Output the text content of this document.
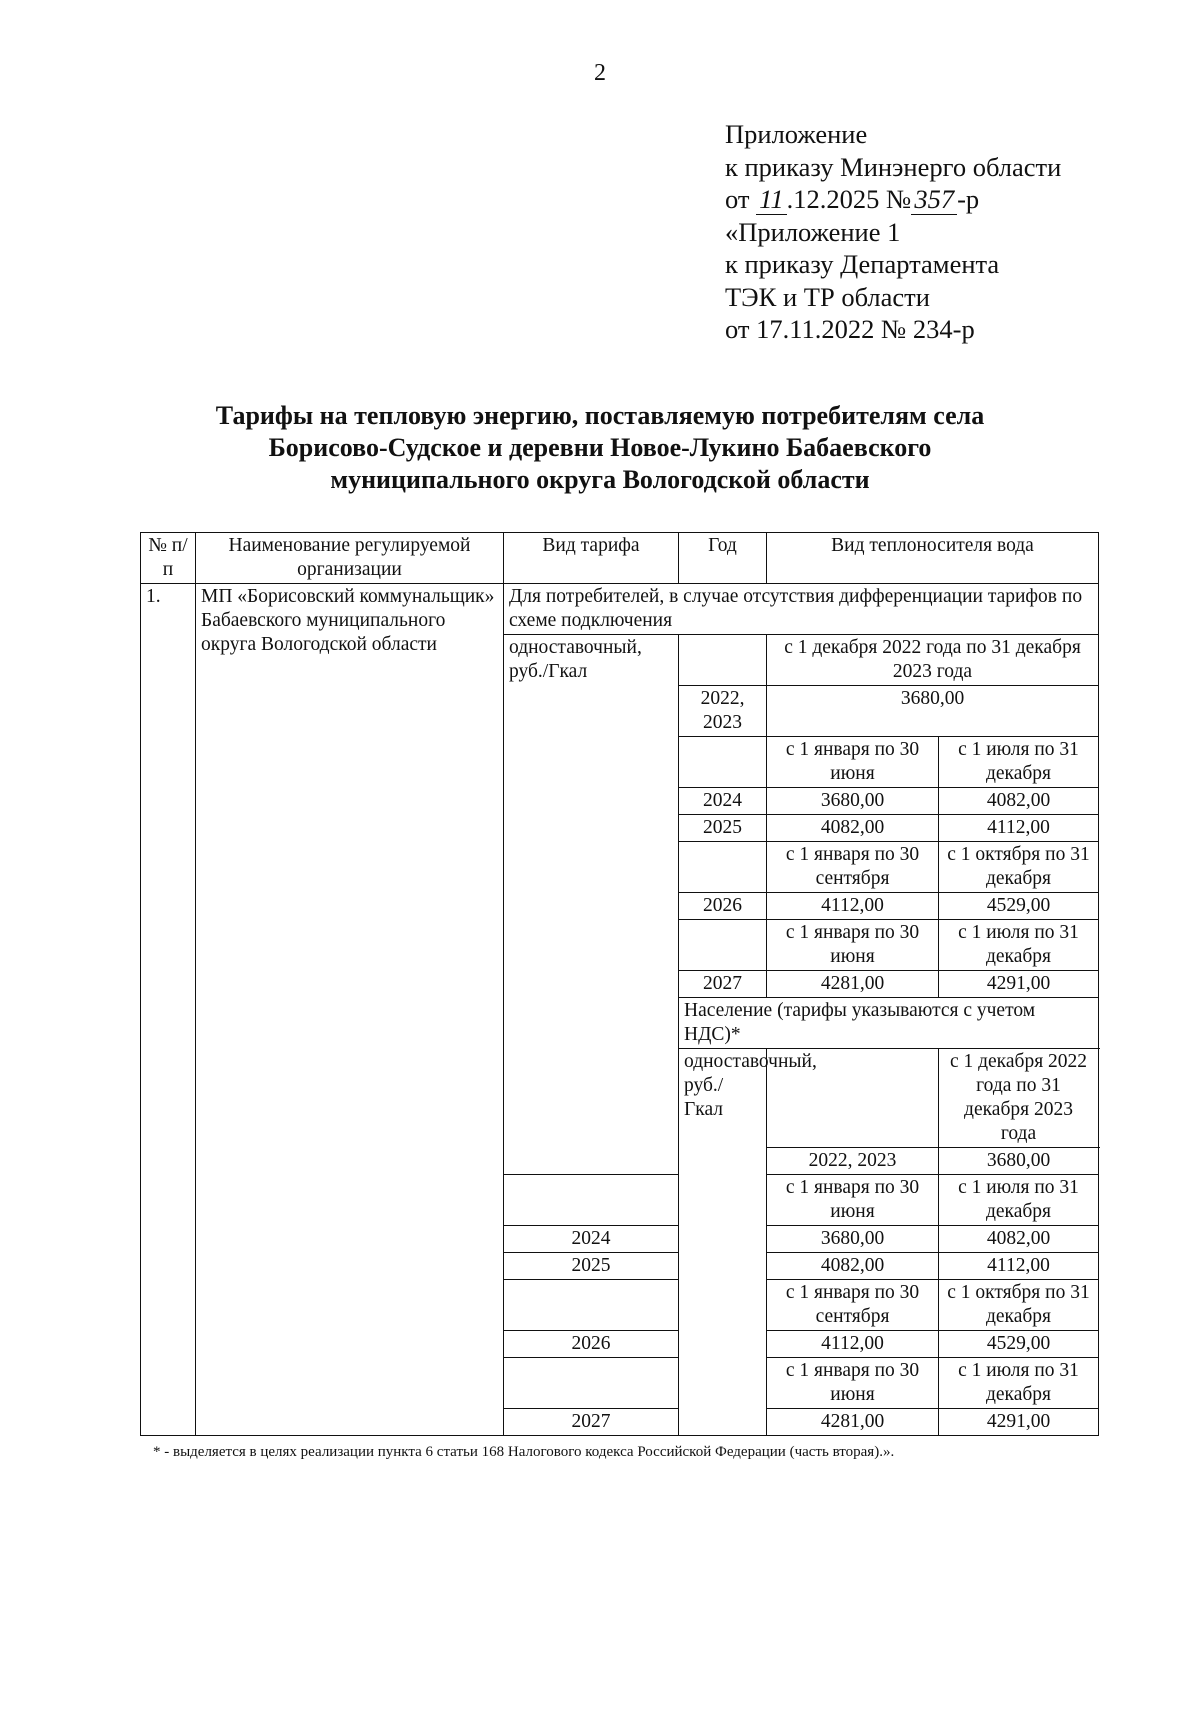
2
Приложение
к приказу Минэнерго области
от 11 .12.2025 № 357 -р
«Приложение 1
к приказу Департамента
ТЭК и ТР области
от 17.11.2022 № 234-р
Тарифы на тепловую энергию, поставляемую потребителям села
Борисово-Судское и деревни Новое-Лукино Бабаевского
муниципального округа Вологодской области
№ п/п	Наименование регулируемой организации	Вид тарифа	Год	Вид теплоносителя вода	
1.	МП «Борисовский коммунальщик» Бабаевского муниципального округа Вологодской области	Для потребителей, в случае отсутствия дифференциации тарифов по схеме подключения			
		одноставочный, руб./Гкал		с 1 декабря 2022 года по 31 декабря 2023 года	
			2022, 2023	3680,00	
				с 1 января по 30 июня	с 1 июля по 31 декабря
			2024	3680,00	4082,00
			2025	4082,00	4112,00
				с 1 января по 30 сентября	с 1 октября по 31 декабря
			2026	4112,00	4529,00
				с 1 января по 30 июня	с 1 июля по 31 декабря
			2027	4281,00	4291,00
			Население (тарифы указываются с учетом НДС)*		
			одноставочный, руб./Гкал		с 1 декабря 2022 года по 31 декабря 2023 года
				2022, 2023	3680,00
				с 1 января по 30 июня	с 1 июля по 31 декабря
		2024		3680,00	4082,00
		2025		4082,00	4112,00
				с 1 января по 30 сентября	с 1 октября по 31 декабря
		2026		4112,00	4529,00
				с 1 января по 30 июня	с 1 июля по 31 декабря
		2027		4281,00	4291,00
* - выделяется в целях реализации пункта 6 статьи 168 Налогового кодекса Российской Федерации (часть вторая).».
